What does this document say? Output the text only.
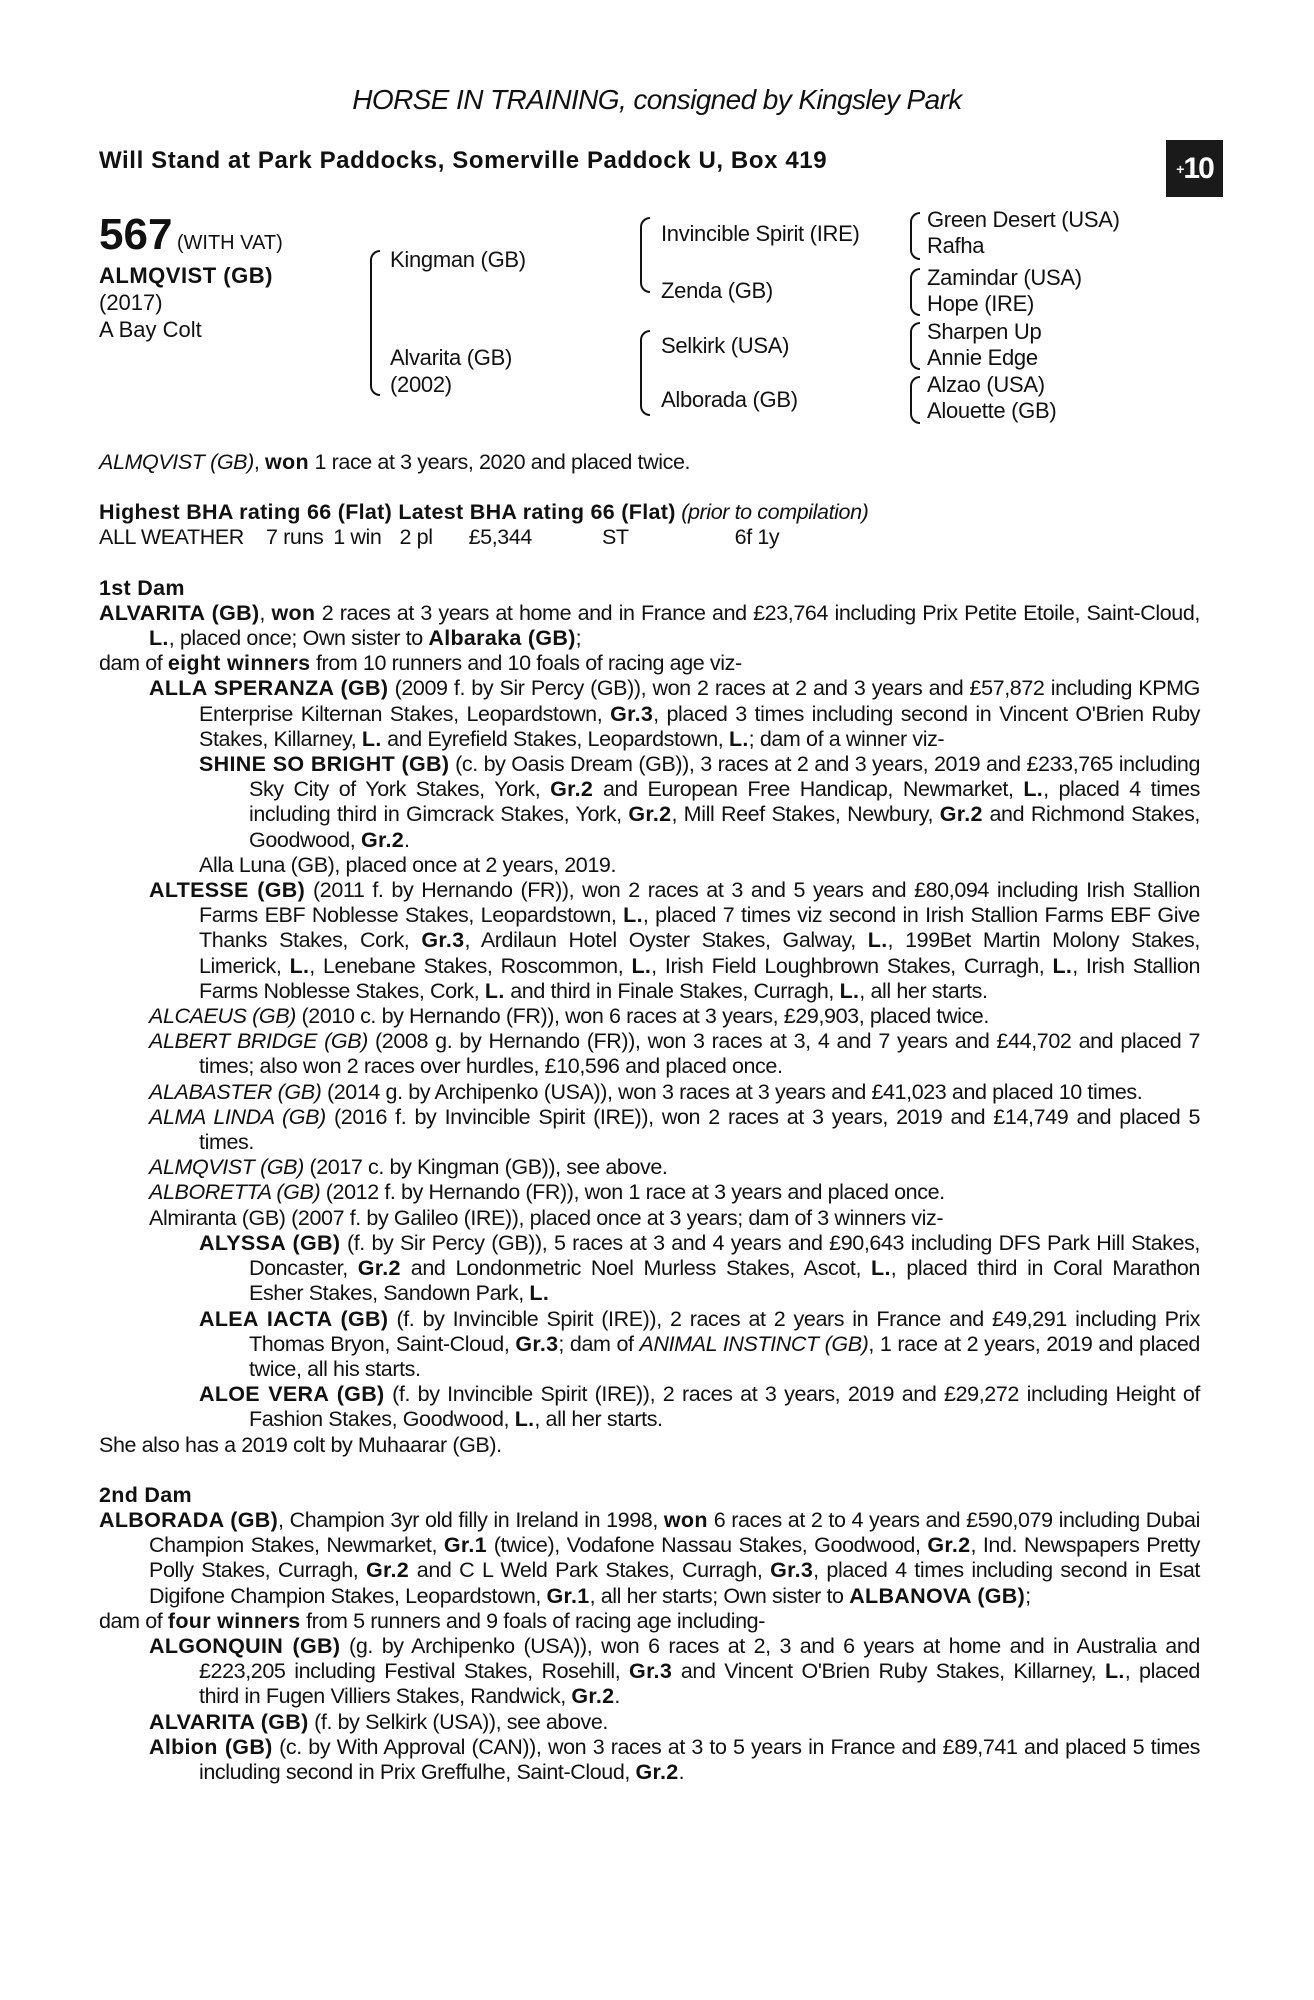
HORSE IN TRAINING, consigned by Kingsley Park
Will Stand at Park Paddocks, Somerville Paddock U, Box 419	+ 10
567 (WITH VAT)
ALMQVIST (GB)
(2017)
A Bay Colt
Kingman (GB)
Alvarita (GB)
(2002)
Invincible Spirit (IRE)
Zenda (GB)
Selkirk (USA)
Alborada (GB)
Green Desert (USA)
Rafha
Zamindar (USA)
Hope (IRE)
Sharpen Up
Annie Edge
Alzao (USA)
Alouette (GB)
ALMQVIST (GB), won 1 race at 3 years, 2020 and placed twice.
Highest BHA rating 66 (Flat) Latest BHA rating 66 (Flat) (prior to compilation)
ALL WEATHER 7 runs 1 win 2 pl £5,344	ST	6f 1y
1st Dam
ALVARITA (GB), won 2 races at 3 years at home and in France and £23,764 including Prix Petite Etoile, Saint-Cloud, L., placed once; Own sister to Albaraka (GB);
dam of eight winners from 10 runners and 10 foals of racing age viz-
ALLA SPERANZA (GB) (2009 f. by Sir Percy (GB)), won 2 races at 2 and 3 years and £57,872 including KPMG Enterprise Kilternan Stakes, Leopardstown, Gr.3, placed 3 times including second in Vincent O'Brien Ruby Stakes, Killarney, L. and Eyrefield Stakes, Leopardstown, L.; dam of a winner viz-
SHINE SO BRIGHT (GB) (c. by Oasis Dream (GB)), 3 races at 2 and 3 years, 2019 and £233,765 including Sky City of York Stakes, York, Gr.2 and European Free Handicap, Newmarket, L., placed 4 times including third in Gimcrack Stakes, York, Gr.2, Mill Reef Stakes, Newbury, Gr.2 and Richmond Stakes, Goodwood, Gr.2.
Alla Luna (GB), placed once at 2 years, 2019.
ALTESSE (GB) (2011 f. by Hernando (FR)), won 2 races at 3 and 5 years and £80,094 including Irish Stallion Farms EBF Noblesse Stakes, Leopardstown, L., placed 7 times viz second in Irish Stallion Farms EBF Give Thanks Stakes, Cork, Gr.3, Ardilaun Hotel Oyster Stakes, Galway, L., 199Bet Martin Molony Stakes, Limerick, L., Lenebane Stakes, Roscommon, L., Irish Field Loughbrown Stakes, Curragh, L., Irish Stallion Farms Noblesse Stakes, Cork, L. and third in Finale Stakes, Curragh, L., all her starts.
ALCAEUS (GB) (2010 c. by Hernando (FR)), won 6 races at 3 years, £29,903, placed twice.
ALBERT BRIDGE (GB) (2008 g. by Hernando (FR)), won 3 races at 3, 4 and 7 years and £44,702 and placed 7 times; also won 2 races over hurdles, £10,596 and placed once.
ALABASTER (GB) (2014 g. by Archipenko (USA)), won 3 races at 3 years and £41,023 and placed 10 times.
ALMA LINDA (GB) (2016 f. by Invincible Spirit (IRE)), won 2 races at 3 years, 2019 and £14,749 and placed 5 times.
ALMQVIST (GB) (2017 c. by Kingman (GB)), see above.
ALBORETTA (GB) (2012 f. by Hernando (FR)), won 1 race at 3 years and placed once.
Almiranta (GB) (2007 f. by Galileo (IRE)), placed once at 3 years; dam of 3 winners viz-
ALYSSA (GB) (f. by Sir Percy (GB)), 5 races at 3 and 4 years and £90,643 including DFS Park Hill Stakes, Doncaster, Gr.2 and Londonmetric Noel Murless Stakes, Ascot, L., placed third in Coral Marathon Esher Stakes, Sandown Park, L.
ALEA IACTA (GB) (f. by Invincible Spirit (IRE)), 2 races at 2 years in France and £49,291 including Prix Thomas Bryon, Saint-Cloud, Gr.3; dam of ANIMAL INSTINCT (GB), 1 race at 2 years, 2019 and placed twice, all his starts.
ALOE VERA (GB) (f. by Invincible Spirit (IRE)), 2 races at 3 years, 2019 and £29,272 including Height of Fashion Stakes, Goodwood, L., all her starts.
She also has a 2019 colt by Muhaarar (GB).
2nd Dam
ALBORADA (GB), Champion 3yr old filly in Ireland in 1998, won 6 races at 2 to 4 years and £590,079 including Dubai Champion Stakes, Newmarket, Gr.1 (twice), Vodafone Nassau Stakes, Goodwood, Gr.2, Ind. Newspapers Pretty Polly Stakes, Curragh, Gr.2 and C L Weld Park Stakes, Curragh, Gr.3, placed 4 times including second in Esat Digifone Champion Stakes, Leopardstown, Gr.1, all her starts; Own sister to ALBANOVA (GB);
dam of four winners from 5 runners and 9 foals of racing age including-
ALGONQUIN (GB) (g. by Archipenko (USA)), won 6 races at 2, 3 and 6 years at home and in Australia and £223,205 including Festival Stakes, Rosehill, Gr.3 and Vincent O'Brien Ruby Stakes, Killarney, L., placed third in Fugen Villiers Stakes, Randwick, Gr.2.
ALVARITA (GB) (f. by Selkirk (USA)), see above.
Albion (GB) (c. by With Approval (CAN)), won 3 races at 3 to 5 years in France and £89,741 and placed 5 times including second in Prix Greffulhe, Saint-Cloud, Gr.2.
